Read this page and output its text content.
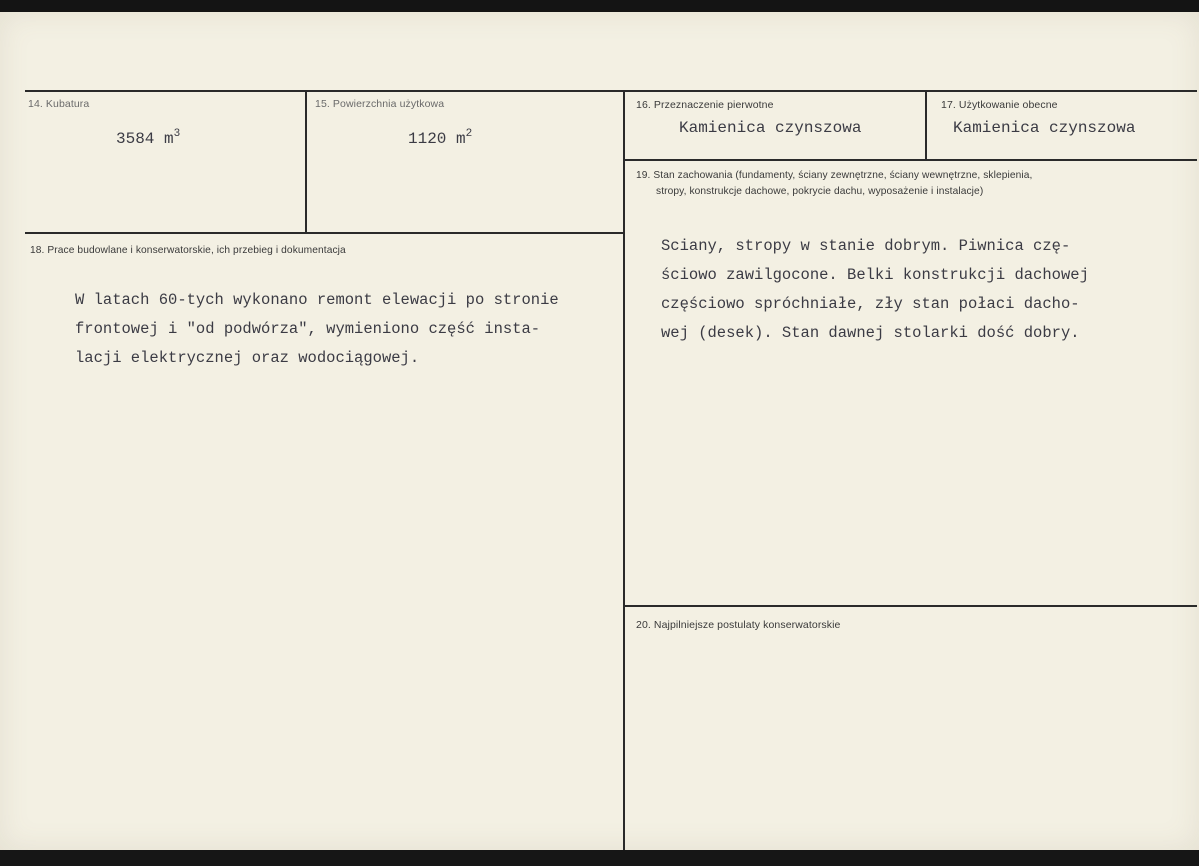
14. Kubatura
3584 $m^3$
15. Powierzchnia użytkowa
1120 $m^2$
16. Przeznaczenie pierwotne
Kamienica czynszowa
17. Użytkowanie obecne
Kamienica czynszowa
19. Stan zachowania (fundamenty, ściany zewnętrzne, ściany wewnętrzne, sklepienia,
stropy, konstrukcje dachowe, pokrycie dachu, wyposażenie i instalacje)
Sciany, stropy w stanie dobrym. Piwnica czę-
ściowo zawilgocone. Belki konstrukcji dachowej
częściowo spróchniałe, zły stan połaci dacho-
wej (desek). Stan dawnej stolarki dość dobry.
18. Prace budowlane i konserwatorskie, ich przebieg i dokumentacja
W latach 60-tych wykonano remont elewacji po stronie
frontowej i "od podwórza", wymieniono część insta-
lacji elektrycznej oraz wodociągowej.
20. Najpilniejsze postulaty konserwatorskie
